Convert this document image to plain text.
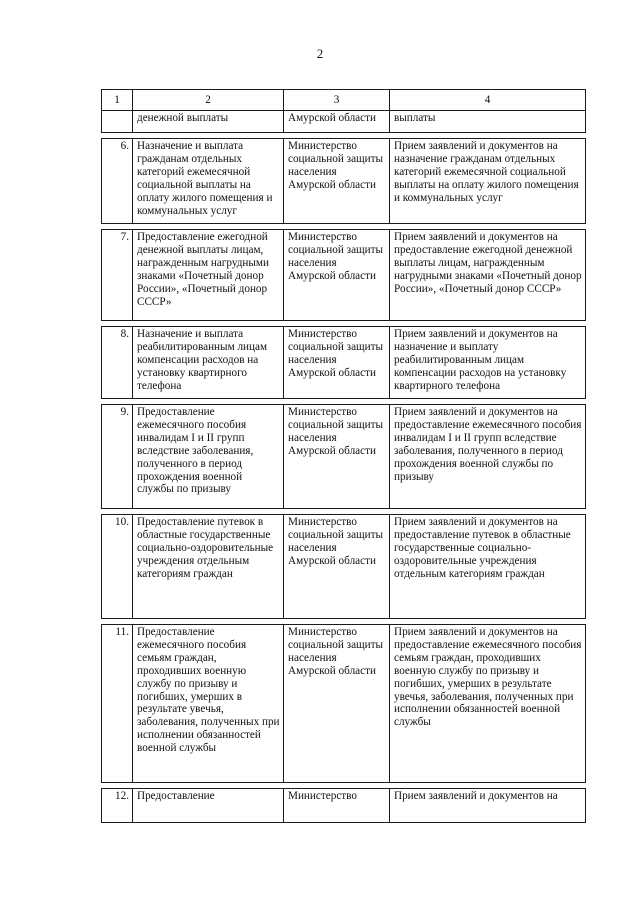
2
1	2	3	4
	денежной выплаты	Амурской области	выплаты

6.	Назначение и выплата гражданам отдельных категорий ежемесячной социальной выплаты на оплату жилого помещения и коммунальных услуг	Министерство социальной защиты населения Амурской области	Прием заявлений и документов на назначение гражданам отдельных категорий ежемесячной социальной выплаты на оплату жилого помещения и коммунальных услуг

7.	Предоставление ежегодной денежной выплаты лицам, награжденным нагрудными знаками «Почетный донор России», «Почетный донор СССР»	Министерство социальной защиты населения Амурской области	Прием заявлений и документов на предоставление ежегодной денежной выплаты лицам, награжденным нагрудными знаками «Почетный донор России», «Почетный донор СССР»

8.	Назначение и выплата реабилитированным лицам компенсации расходов на установку квартирного телефона	Министерство социальной защиты населения Амурской области	Прием заявлений и документов на назначение и выплату реабилитированным лицам компенсации расходов на установку квартирного телефона

9.	Предоставление ежемесячного пособия инвалидам I и II групп вследствие заболевания, полученного в период прохождения военной службы по призыву	Министерство социальной защиты населения Амурской области	Прием заявлений и документов на предоставление ежемесячного пособия инвалидам I и II групп вследствие заболевания, полученного в период прохождения военной службы по призыву

10.	Предоставление путевок в областные государственные социально-оздоровительные учреждения отдельным категориям граждан	Министерство социальной защиты населения Амурской области	Прием заявлений и документов на предоставление путевок в областные государственные социально-оздоровительные учреждения отдельным категориям граждан

11.	Предоставление ежемесячного пособия семьям граждан, проходивших военную службу по призыву и погибших, умерших в результате увечья, заболевания, полученных при исполнении обязанностей военной службы	Министерство социальной защиты населения Амурской области	Прием заявлений и документов на предоставление ежемесячного пособия семьям граждан, проходивших военную службу по призыву и погибших, умерших в результате увечья, заболевания, полученных при исполнении обязанностей военной службы

12.	Предоставление	Министерство	Прием заявлений и документов на
